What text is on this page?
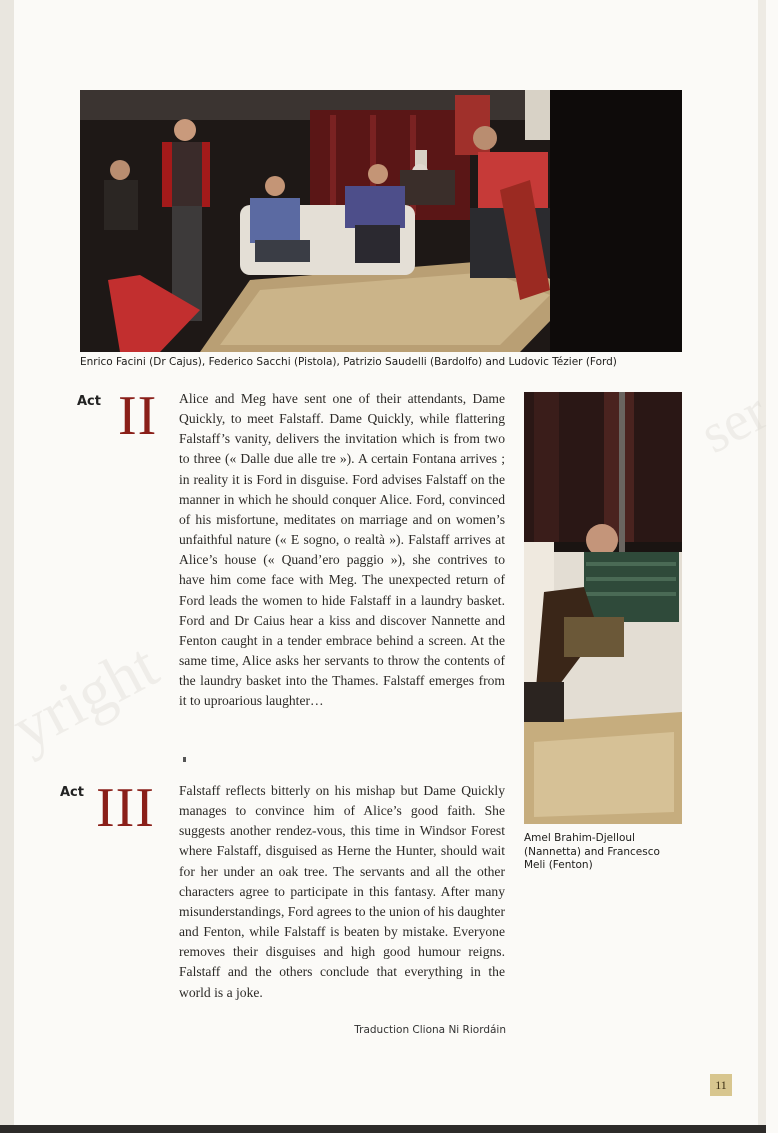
Enrico Facini (Dr Cajus), Federico Sacchi (Pistola), Patrizio Saudelli (Bardolfo) and Ludovic Tézier (Ford)
Act II Alice and Meg have sent one of their attendants, Dame Quickly, to meet Falstaff. Dame Quickly, while flattering Falstaff’s vanity, delivers the invitation which is from two to three (« Dalle due alle tre »). A certain Fontana arrives ; in reality it is Ford in disguise. Ford advises Falstaff on the manner in which he should conquer Alice. Ford, convinced of his misfortune, meditates on marriage and on women’s unfaithful nature (« E sogno, o realtà »). Falstaff arrives at Alice’s house (« Quand’ero paggio »), she contrives to have him come face with Meg. The unexpected return of Ford leads the women to hide Falstaff in a laundry basket. Ford and Dr Caius hear a kiss and discover Nannette and Fenton caught in a tender embrace behind a screen. At the same time, Alice asks her servants to throw the contents of the laundry basket into the Thames. Falstaff emerges from it to uproarious laughter…
Act III Falstaff reflects bitterly on his mishap but Dame Quickly manages to convince him of Alice’s good faith. She suggests another rendez-vous, this time in Windsor Forest where Falstaff, disguised as Herne the Hunter, should wait for her under an oak tree. The servants and all the other characters agree to participate in this fantasy. After many misunderstandings, Ford agrees to the union of his daughter and Fenton, while Falstaff is beaten by mistake. Everyone removes their disguises and high good humour reigns. Falstaff and the others conclude that everything in the world is a joke.
Amel Brahim-Djelloul (Nannetta) and Francesco Meli (Fenton)
Traduction Cliona Ni Riordáin
11
yright
ser
